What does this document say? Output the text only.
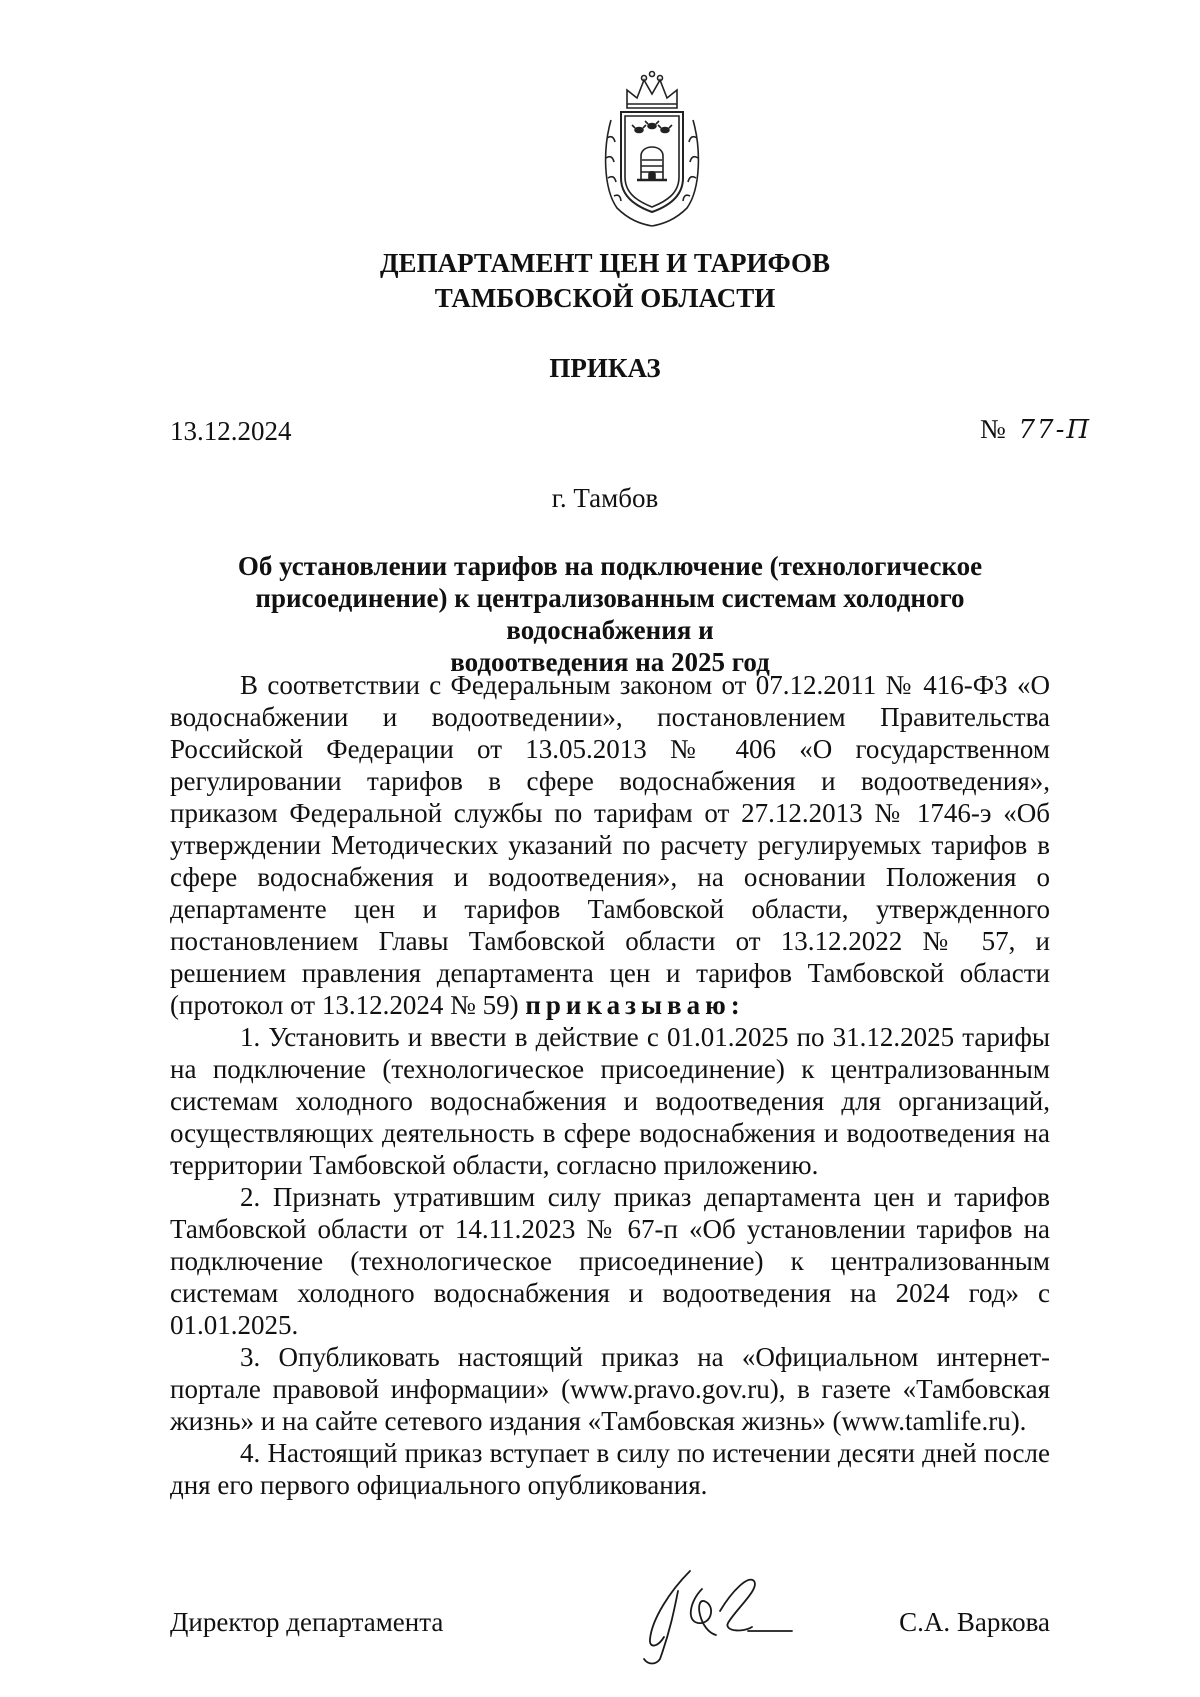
ДЕПАРТАМЕНТ ЦЕН И ТАРИФОВ
ТАМБОВСКОЙ ОБЛАСТИ
ПРИКАЗ
13.12.2024	№ 77-П
г. Тамбов
Об установлении тарифов на подключение (технологическое
присоединение) к централизованным системам холодного водоснабжения и
водоотведения на 2025 год

В соответствии с Федеральным законом от 07.12.2011 № 416-ФЗ «О водоснабжении и водоотведении», постановлением Правительства Российской Федерации от 13.05.2013 № 406 «О государственном регулировании тарифов в сфере водоснабжения и водоотведения», приказом Федеральной службы по тарифам от 27.12.2013 № 1746-э «Об утверждении Методических указаний по расчету регулируемых тарифов в сфере водоснабжения и водоотведения», на основании Положения о департаменте цен и тарифов Тамбовской области, утвержденного постановлением Главы Тамбовской области от 13.12.2022 № 57, и решением правления департамента цен и тарифов Тамбовской области (протокол от 13.12.2024 № 59) приказываю:

1. Установить и ввести в действие с 01.01.2025 по 31.12.2025 тарифы на подключение (технологическое присоединение) к централизованным системам холодного водоснабжения и водоотведения для организаций, осуществляющих деятельность в сфере водоснабжения и водоотведения на территории Тамбовской области, согласно приложению.

2. Признать утратившим силу приказ департамента цен и тарифов Тамбовской области от 14.11.2023 № 67-п «Об установлении тарифов на подключение (технологическое присоединение) к централизованным системам холодного водоснабжения и водоотведения на 2024 год» с 01.01.2025.

3. Опубликовать настоящий приказ на «Официальном интернет-портале правовой информации» (www.pravo.gov.ru), в газете «Тамбовская жизнь» и на сайте сетевого издания «Тамбовская жизнь» (www.tamlife.ru).

4. Настоящий приказ вступает в силу по истечении десяти дней после дня его первого официального опубликования.

Директор департамента	С.А. Варкова
